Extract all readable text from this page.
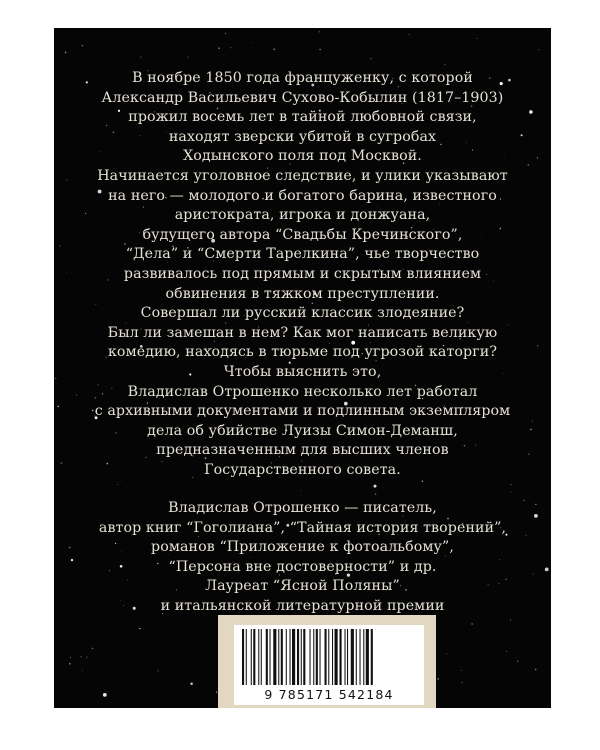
В ноябре 1850 года француженку, с которой
Александр Васильевич Сухово-Кобылин (1817–1903)
прожил восемь лет в тайной любовной связи,
находят зверски убитой в сугробах
Ходынского поля под Москвой.
Начинается уголовное следствие, и улики указывают
на него — молодого и богатого барина, известного
аристократа, игрока и донжуана,
будущего автора “Свадьбы Кречинского”,
“Дела” и “Смерти Тарелкина”, чье творчество
развивалось под прямым и скрытым влиянием
обвинения в тяжком преступлении.
Совершал ли русский классик злодеяние?
Был ли замешан в нем? Как мог написать великую
комедию, находясь в тюрьме под угрозой каторги?
Чтобы выяснить это,
Владислав Отрошенко несколько лет работал
с архивными документами и подлинным экземпляром
дела об убийстве Луизы Симон-Деманш,
предназначенным для высших членов
Государственного совета.
Владислав Отрошенко — писатель,
автор книг “Гоголиана”, “Тайная история творений”,
романов “Приложение к фотоальбому”,
“Персона вне достоверности” и др.
Лауреат “Ясной Поляны”
и итальянской литературной премии
9 785171 542184
